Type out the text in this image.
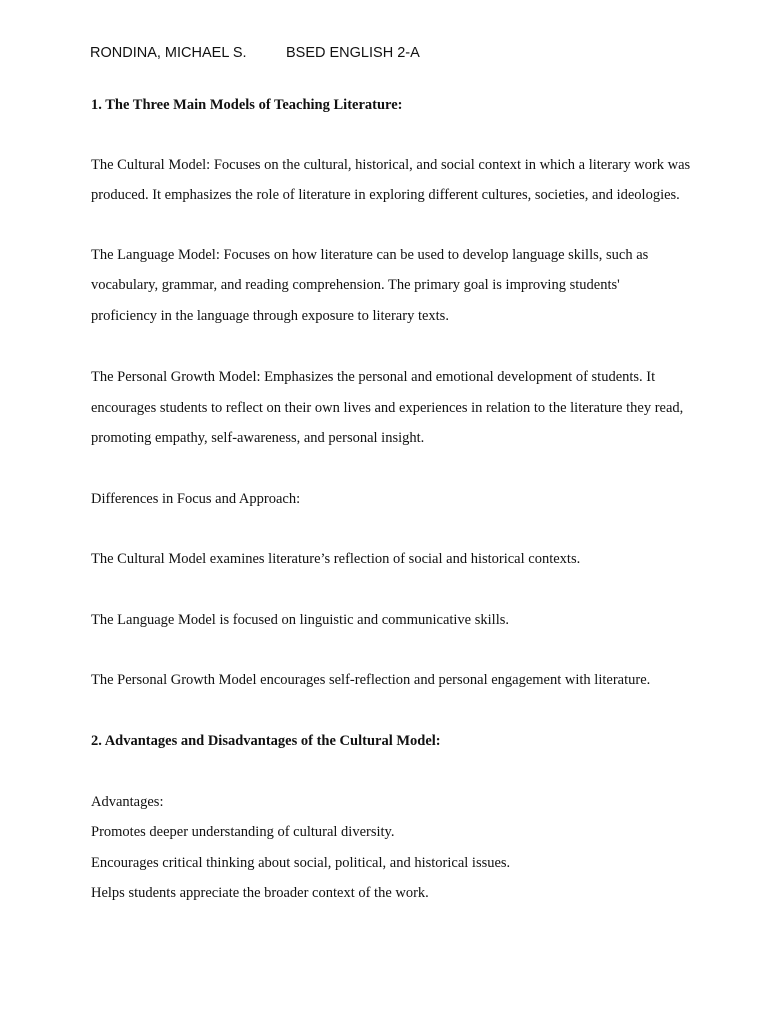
RONDINA, MICHAEL S.	BSED ENGLISH 2-A
1. The Three Main Models of Teaching Literature:
The Cultural Model: Focuses on the cultural, historical, and social context in which a literary work was
produced. It emphasizes the role of literature in exploring different cultures, societies, and ideologies.
The Language Model: Focuses on how literature can be used to develop language skills, such as
vocabulary, grammar, and reading comprehension. The primary goal is improving students'
proficiency in the language through exposure to literary texts.
The Personal Growth Model: Emphasizes the personal and emotional development of students. It
encourages students to reflect on their own lives and experiences in relation to the literature they read,
promoting empathy, self-awareness, and personal insight.
Differences in Focus and Approach:
The Cultural Model examines literature’s reflection of social and historical contexts.
The Language Model is focused on linguistic and communicative skills.
The Personal Growth Model encourages self-reflection and personal engagement with literature.
2. Advantages and Disadvantages of the Cultural Model:
Advantages:
Promotes deeper understanding of cultural diversity.
Encourages critical thinking about social, political, and historical issues.
Helps students appreciate the broader context of the work.
